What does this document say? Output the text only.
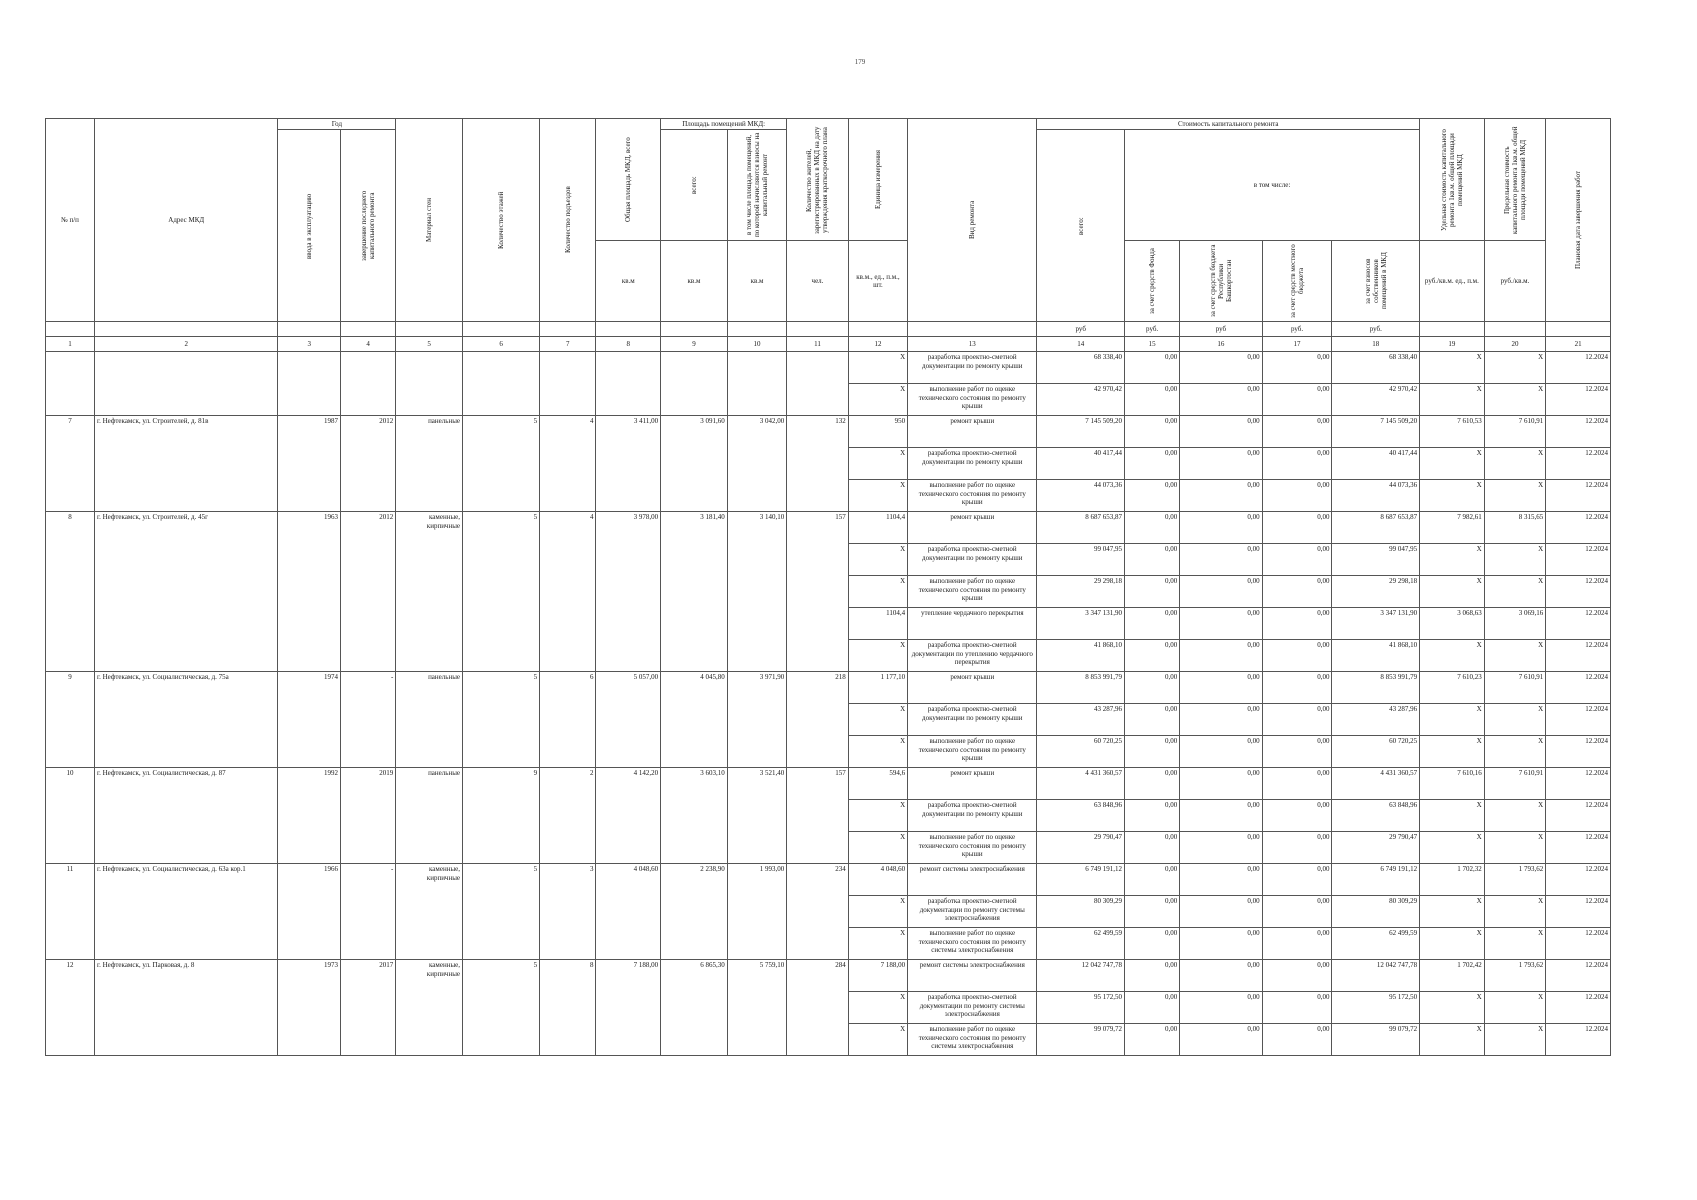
179
№ п/п	Адрес МКД	Год		Материал стен	Количество этажей	Количество подъездов	Общая площадь МКД, всего	Площадь помещений МКД:		Количество жителей, зарегистрированных в МКД на дату утверждения краткосрочного плана	Единица измерения	Вид ремонта	Стоимость капитального ремонта					Удельная стоимость капитального ремонта 1кв.м. общей площади помещений МКД	Предельная стоимость капитального ремонта 1кв.м. общей площади помещений МКД	Плановая дата завершения работ

		ввода в эксплуатацию	завершение последнего капитального ремонта					всего:	в том числе площадь помещений, по которой начисляются взносы на капитальный ремонт				всего:	в том числе:						
							кв.м	кв.м	кв.м	чел.	кв.м., ед., п.м., шт.			за счет средств Фонда	за счет средств бюджета Республики Башкортостан	за счет средств местного бюджета	за счет взносов собственников помещений в МКД	руб./кв.м. ед., п.м.	руб./кв.м.	

													руб	руб.	руб	руб.	руб.			
1	2	3	4	5	6	7	8	9	10	11	12	13	14	15	16	17	18	19	20	21
											X	разработка проектно-сметной документации по ремонту крыши	68 338,40	0,00	0,00	0,00	68 338,40	X	X	12.2024
											X	выполнение работ по оценке технического состояния по ремонту крыши	42 970,42	0,00	0,00	0,00	42 970,42	X	X	12.2024
7	г. Нефтекамск, ул. Строителей, д. 81в	1987	2012	панельные	5	4	3 411,00	3 091,60	3 042,00	132	950	ремонт крыши	7 145 509,20	0,00	0,00	0,00	7 145 509,20	7 610,53	7 610,91	12.2024
											X	разработка проектно-сметной документации по ремонту крыши	40 417,44	0,00	0,00	0,00	40 417,44	X	X	12.2024
											X	выполнение работ по оценке технического состояния по ремонту крыши	44 073,36	0,00	0,00	0,00	44 073,36	X	X	12.2024
8	г. Нефтекамск, ул. Строителей, д. 45г	1963	2012	каменные, кирпичные	5	4	3 978,00	3 181,40	3 140,10	157	1104,4	ремонт крыши	8 687 653,87	0,00	0,00	0,00	8 687 653,87	7 982,61	8 315,65	12.2024
											X	разработка проектно-сметной документации по ремонту крыши	99 047,95	0,00	0,00	0,00	99 047,95	X	X	12.2024
											X	выполнение работ по оценке технического состояния по ремонту крыши	29 298,18	0,00	0,00	0,00	29 298,18	X	X	12.2024
											1104,4	утепление чердачного перекрытия	3 347 131,90	0,00	0,00	0,00	3 347 131,90	3 068,63	3 069,16	12.2024
											X	разработка проектно-сметной документации по утеплению чердачного перекрытия	41 868,10	0,00	0,00	0,00	41 868,10	X	X	12.2024
9	г. Нефтекамск, ул. Социалистическая, д. 75а	1974	-	панельные	5	6	5 057,00	4 045,80	3 971,90	218	1 177,10	ремонт крыши	8 853 991,79	0,00	0,00	0,00	8 853 991,79	7 610,23	7 610,91	12.2024
											X	разработка проектно-сметной документации по ремонту крыши	43 287,96	0,00	0,00	0,00	43 287,96	X	X	12.2024
											X	выполнение работ по оценке технического состояния по ремонту крыши	60 720,25	0,00	0,00	0,00	60 720,25	X	X	12.2024
10	г. Нефтекамск, ул. Социалистическая, д. 87	1992	2019	панельные	9	2	4 142,20	3 603,10	3 521,40	157	594,6	ремонт крыши	4 431 360,57	0,00	0,00	0,00	4 431 360,57	7 610,16	7 610,91	12.2024
											X	разработка проектно-сметной документации по ремонту крыши	63 848,96	0,00	0,00	0,00	63 848,96	X	X	12.2024
											X	выполнение работ по оценке технического состояния по ремонту крыши	29 790,47	0,00	0,00	0,00	29 790,47	X	X	12.2024
11	г. Нефтекамск, ул. Социалистическая, д. 63а кор.1	1966	-	каменные, кирпичные	5	3	4 048,60	2 238,90	1 993,00	234	4 048,60	ремонт системы электроснабжения	6 749 191,12	0,00	0,00	0,00	6 749 191,12	1 702,32	1 793,62	12.2024
											X	разработка проектно-сметной документации по ремонту системы электроснабжения	80 309,29	0,00	0,00	0,00	80 309,29	X	X	12.2024
											X	выполнение работ по оценке технического состояния по ремонту системы электроснабжения	62 499,59	0,00	0,00	0,00	62 499,59	X	X	12.2024
12	г. Нефтекамск, ул. Парковая, д. 8	1973	2017	каменные, кирпичные	5	8	7 188,00	6 865,30	5 759,10	284	7 188,00	ремонт системы электроснабжения	12 042 747,78	0,00	0,00	0,00	12 042 747,78	1 702,42	1 793,62	12.2024
											X	разработка проектно-сметной документации по ремонту системы электроснабжения	95 172,50	0,00	0,00	0,00	95 172,50	X	X	12.2024
											X	выполнение работ по оценке технического состояния по ремонту системы электроснабжения	99 079,72	0,00	0,00	0,00	99 079,72	X	X	12.2024
